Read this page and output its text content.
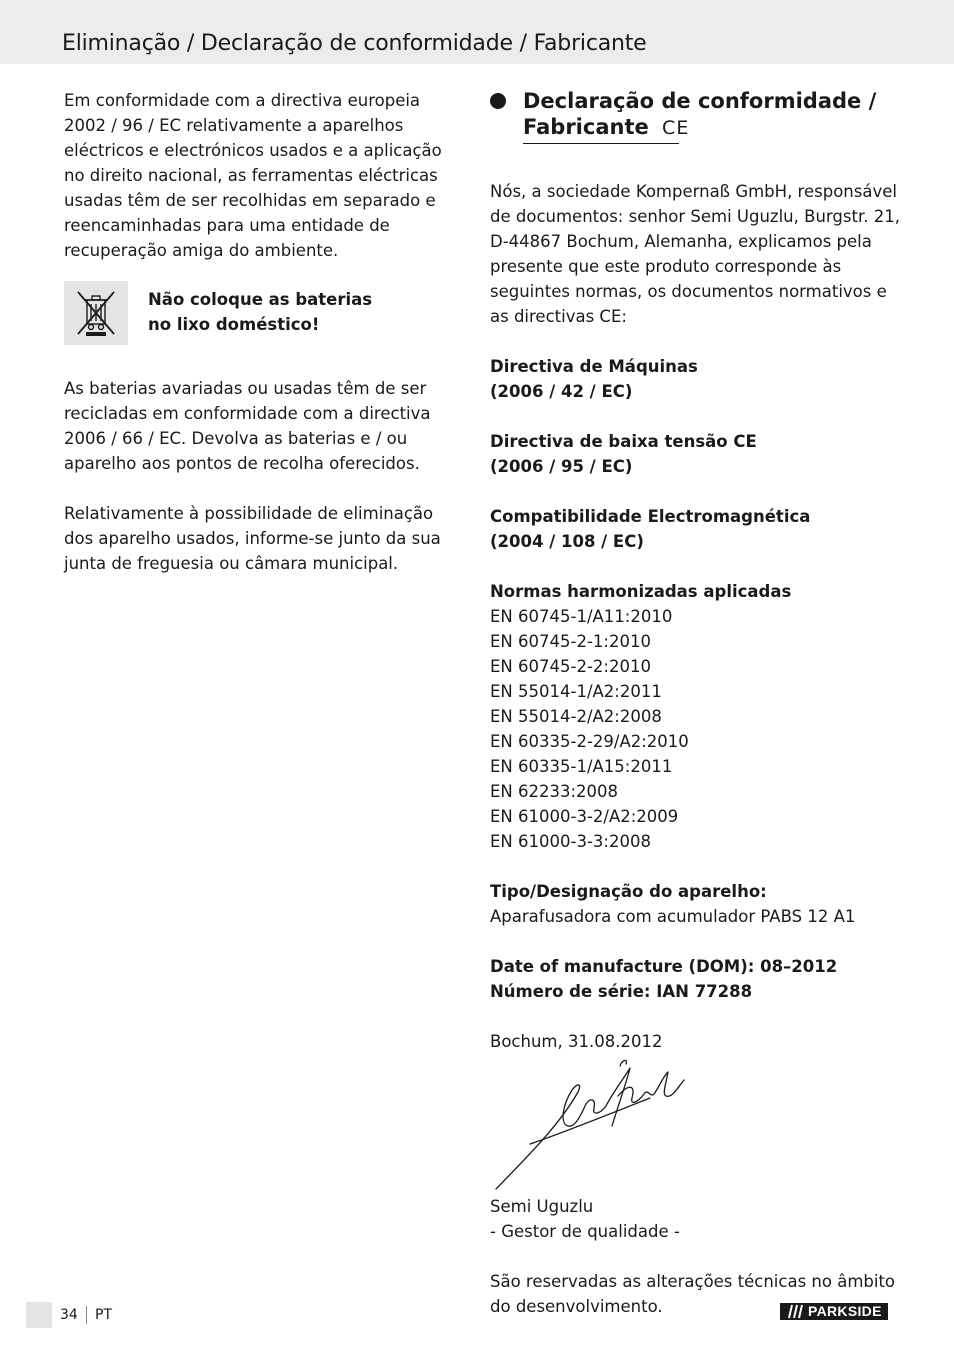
Eliminação / Declaração de conformidade / Fabricante

Em conformidade com a directiva europeia 2002 / 96 / EC relativamente a aparelhos eléctricos e electrónicos usados e a aplicação no direito nacional, as ferramentas eléctricas usadas têm de ser recolhidas em separado e reencaminhadas para uma entidade de recuperação amiga do ambiente.

Não coloque as baterias
no lixo doméstico!

As baterias avariadas ou usadas têm de ser recicladas em conformidade com a directiva 2006 / 66 / EC. Devolva as baterias e / ou aparelho aos pontos de recolha oferecidos.

Relativamente à possibilidade de eliminação dos aparelho usados, informe-se junto da sua junta de freguesia ou câmara municipal.

Declaração de conformidade /
Fabricante CE

Nós, a sociedade Kompernaß GmbH, responsável de documentos: senhor Semi Uguzlu, Burgstr. 21, D-44867 Bochum, Alemanha, explicamos pela presente que este produto corresponde às seguintes normas, os documentos normativos e as directivas CE:

Directiva de Máquinas
(2006 / 42 / EC)

Directiva de baixa tensão CE
(2006 / 95 / EC)

Compatibilidade Electromagnética
(2004 / 108 / EC)

Normas harmonizadas aplicadas

EN 60745-1/A11:2010
EN 60745-2-1:2010
EN 60745-2-2:2010
EN 55014-1/A2:2011
EN 55014-2/A2:2008
EN 60335-2-29/A2:2010
EN 60335-1/A15:2011
EN 62233:2008
EN 61000-3-2/A2:2009
EN 61000-3-3:2008

Tipo/Designação do aparelho:

Aparafusadora com acumulador PABS 12 A1

Date of manufacture (DOM): 08–2012

Número de série: IAN 77288

Bochum, 31.08.2012

Semi Uguzlu

- Gestor de qualidade -

São reservadas as alterações técnicas no âmbito do desenvolvimento.

34 PT	PARKSIDE
